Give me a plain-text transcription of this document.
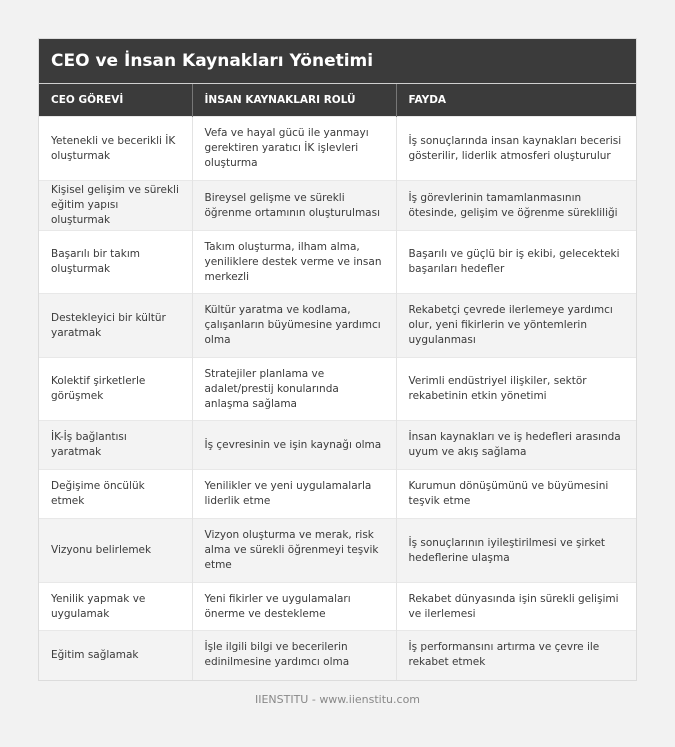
CEO ve İnsan Kaynakları Yönetimi
CEO GÖREVİ	İNSAN KAYNAKLARI ROLÜ	FAYDA
Yetenekli ve becerikli İK oluşturmak	Vefa ve hayal gücü ile yanmayı gerektiren yaratıcı İK işlevleri oluşturma	İş sonuçlarında insan kaynakları becerisi gösterilir, liderlik atmosferi oluşturulur
Kişisel gelişim ve sürekli eğitim yapısı oluşturmak	Bireysel gelişme ve sürekli öğrenme ortamının oluşturulması	İş görevlerinin tamamlanmasının ötesinde, gelişim ve öğrenme sürekliliği
Başarılı bir takım oluşturmak	Takım oluşturma, ilham alma, yeniliklere destek verme ve insan merkezli	Başarılı ve güçlü bir iş ekibi, gelecekteki başarıları hedefler
Destekleyici bir kültür yaratmak	Kültür yaratma ve kodlama, çalışanların büyümesine yardımcı olma	Rekabetçi çevrede ilerlemeye yardımcı olur, yeni fikirlerin ve yöntemlerin uygulanması
Kolektif şirketlerle görüşmek	Stratejiler planlama ve adalet/prestij konularında anlaşma sağlama	Verimli endüstriyel ilişkiler, sektör rekabetinin etkin yönetimi
İK-İş bağlantısı yaratmak	İş çevresinin ve işin kaynağı olma	İnsan kaynakları ve iş hedefleri arasında uyum ve akış sağlama
Değişime öncülük etmek	Yenilikler ve yeni uygulamalarla liderlik etme	Kurumun dönüşümünü ve büyümesini teşvik etme
Vizyonu belirlemek	Vizyon oluşturma ve merak, risk alma ve sürekli öğrenmeyi teşvik etme	İş sonuçlarının iyileştirilmesi ve şirket hedeflerine ulaşma
Yenilik yapmak ve uygulamak	Yeni fikirler ve uygulamaları önerme ve destekleme	Rekabet dünyasında işin sürekli gelişimi ve ilerlemesi
Eğitim sağlamak	İşle ilgili bilgi ve becerilerin edinilmesine yardımcı olma	İş performansını artırma ve çevre ile rekabet etmek
IIENSTITU - www.iienstitu.com
